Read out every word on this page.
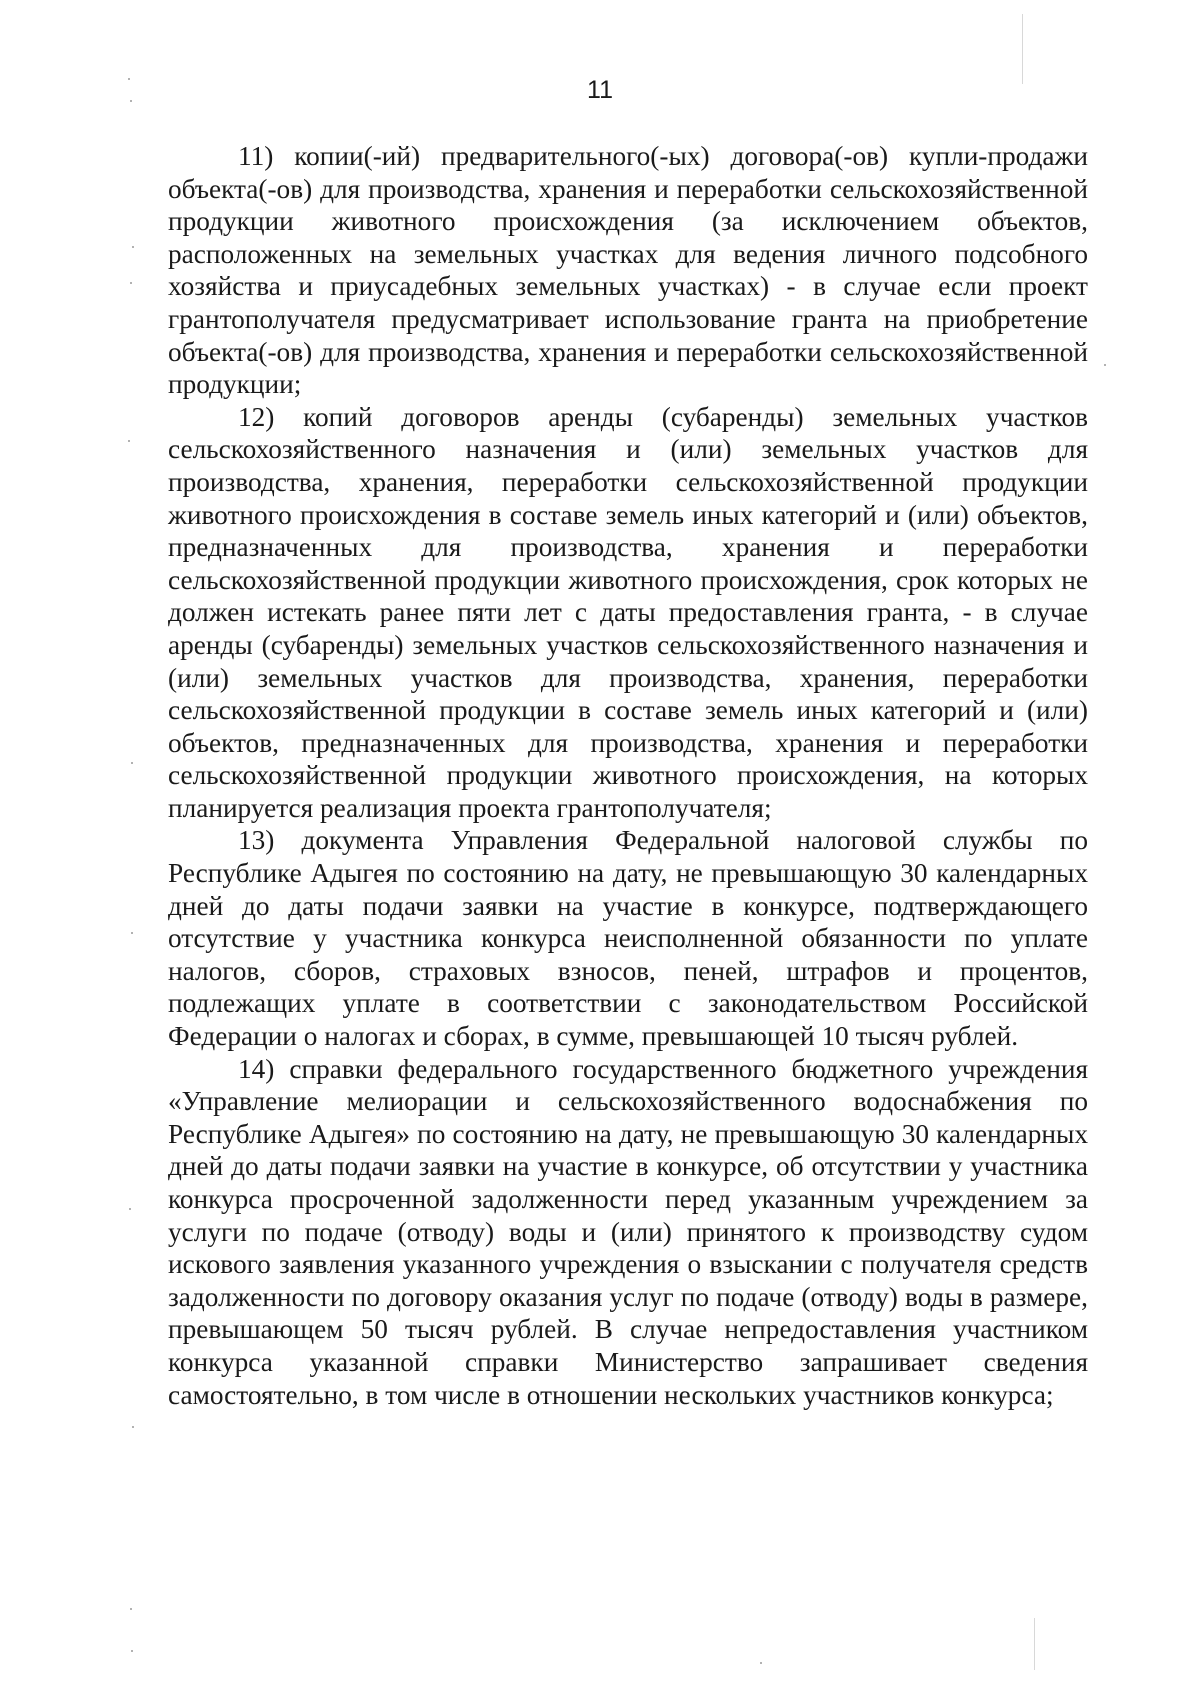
11

11) копии(-ий) предварительного(-ых) договора(-ов) купли-продажи объекта(-ов) для производства, хранения и переработки сельскохозяйственной продукции животного происхождения (за исключением объектов, расположенных на земельных участках для ведения личного подсобного хозяйства и приусадебных земельных участках) - в случае если проект грантополучателя предусматривает использование гранта на приобретение объекта(-ов) для производства, хранения и переработки сельскохозяйственной продукции;

12) копий договоров аренды (субаренды) земельных участков сельскохозяйственного назначения и (или) земельных участков для производства, хранения, переработки сельскохозяйственной продукции животного происхождения в составе земель иных категорий и (или) объектов, предназначенных для производства, хранения и переработки сельскохозяйственной продукции животного происхождения, срок которых не должен истекать ранее пяти лет с даты предоставления гранта, - в случае аренды (субаренды) земельных участков сельскохозяйственного назначения и (или) земельных участков для производства, хранения, переработки сельскохозяйственной продукции в составе земель иных категорий и (или) объектов, предназначенных для производства, хранения и переработки сельскохозяйственной продукции животного происхождения, на которых планируется реализация проекта грантополучателя;

13) документа Управления Федеральной налоговой службы по Республике Адыгея по состоянию на дату, не превышающую 30 календарных дней до даты подачи заявки на участие в конкурсе, подтверждающего отсутствие у участника конкурса неисполненной обязанности по уплате налогов, сборов, страховых взносов, пеней, штрафов и процентов, подлежащих уплате в соответствии с законодательством Российской Федерации о налогах и сборах, в сумме, превышающей 10 тысяч рублей.

14) справки федерального государственного бюджетного учреждения «Управление мелиорации и сельскохозяйственного водоснабжения по Республике Адыгея» по состоянию на дату, не превышающую 30 календарных дней до даты подачи заявки на участие в конкурсе, об отсутствии у участника конкурса просроченной задолженности перед указанным учреждением за услуги по подаче (отводу) воды и (или) принятого к производству судом искового заявления указанного учреждения о взыскании с получателя средств задолженности по договору оказания услуг по подаче (отводу) воды в размере, превышающем 50 тысяч рублей. В случае непредоставления участником конкурса указанной справки Министерство запрашивает сведения самостоятельно, в том числе в отношении нескольких участников конкурса;
